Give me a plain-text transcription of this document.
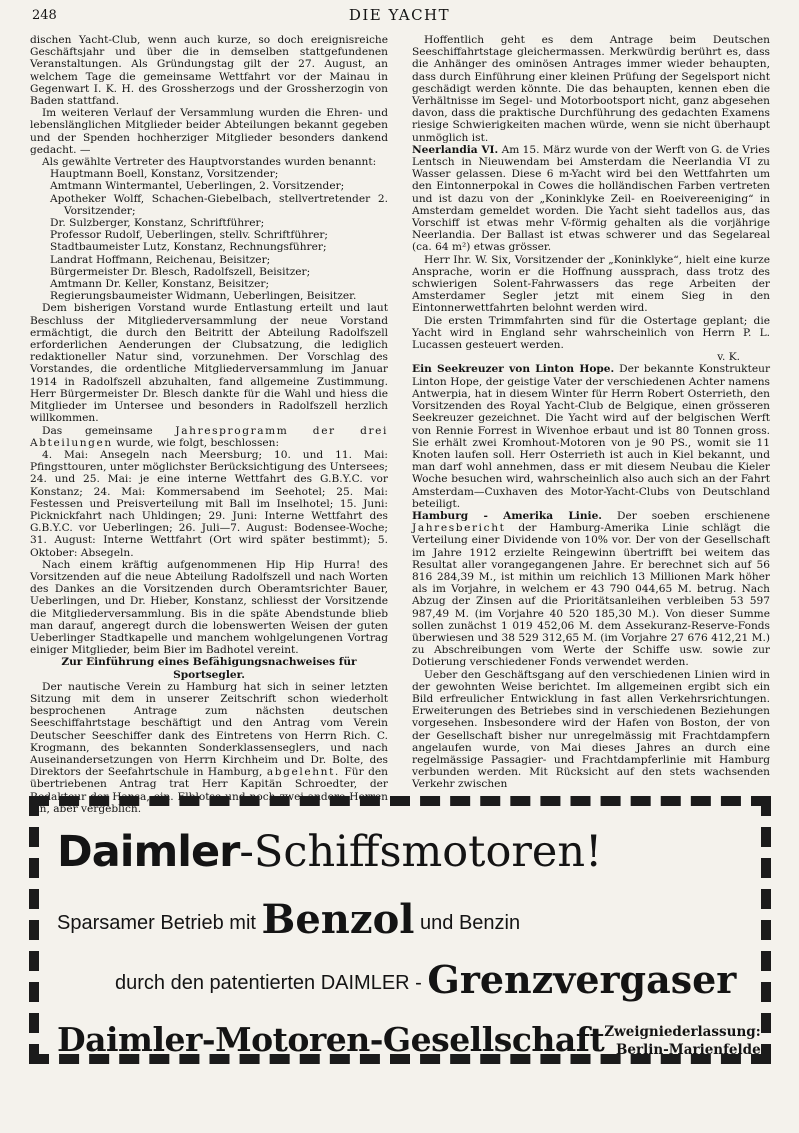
248	DIE YACHT

dischen Yacht-Club, wenn auch kurze, so doch ereignisreiche Geschäftsjahr und über die in demselben stattgefundenen Veranstaltungen. Als Gründungstag gilt der 27. August, an welchem Tage die gemeinsame Wettfahrt vor der Mainau in Gegenwart I. K. H. des Grossherzogs und der Grossherzogin von Baden stattfand.

Im weiteren Verlauf der Versammlung wurden die Ehren- und lebenslänglichen Mitglieder beider Abteilungen bekannt gegeben und der Spenden hochherziger Mitglieder besonders dankend gedacht. —

Als gewählte Vertreter des Hauptvorstandes wurden benannt:

Hauptmann Boell, Konstanz, Vorsitzender;
Amtmann Wintermantel, Ueberlingen, 2. Vorsitzender;
Apotheker Wolff, Schachen-Giebelbach, stellvertretender 2. Vorsitzender;
Dr. Sulzberger, Konstanz, Schriftführer;
Professor Rudolf, Ueberlingen, stellv. Schriftführer;
Stadtbaumeister Lutz, Konstanz, Rechnungsführer;
Landrat Hoffmann, Reichenau, Beisitzer;
Bürgermeister Dr. Blesch, Radolfszell, Beisitzer;
Amtmann Dr. Keller, Konstanz, Beisitzer;
Regierungsbaumeister Widmann, Ueberlingen, Beisitzer.

Dem bisherigen Vorstand wurde Entlastung erteilt und laut Beschluss der Mitgliederversammlung der neue Vorstand ermächtigt, die durch den Beitritt der Abteilung Radolfszell erforderlichen Aenderungen der Clubsatzung, die lediglich redaktioneller Natur sind, vorzunehmen. Der Vorschlag des Vorstandes, die ordentliche Mitgliederversammlung im Januar 1914 in Radolfszell abzuhalten, fand allgemeine Zustimmung. Herr Bürgermeister Dr. Blesch dankte für die Wahl und hiess die Mitglieder im Untersee und besonders in Radolfszell herzlich willkommen.

Das gemeinsame Jahresprogramm der drei Abteilungen wurde, wie folgt, beschlossen:

4. Mai: Ansegeln nach Meersburg; 10. und 11. Mai: Pfingsttouren, unter möglichster Berücksichtigung des Untersees; 24. und 25. Mai: je eine interne Wettfahrt des G.B.Y.C. vor Konstanz; 24. Mai: Kommersabend im Seehotel; 25. Mai: Festessen und Preisverteilung mit Ball im Inselhotel; 15. Juni: Picknickfahrt nach Uhldingen; 29. Juni: Interne Wettfahrt des G.B.Y.C. vor Ueberlingen; 26. Juli—7. August: Bodensee-Woche; 31. August: Interne Wettfahrt (Ort wird später bestimmt); 5. Oktober: Absegeln.

Nach einem kräftig aufgenommenen Hip Hip Hurra! des Vorsitzenden auf die neue Abteilung Radolfszell und nach Worten des Dankes an die Vorsitzenden durch Oberamtsrichter Bauer, Ueberlingen, und Dr. Hieber, Konstanz, schliesst der Vorsitzende die Mitgliederversammlung. Bis in die späte Abendstunde blieb man darauf, angeregt durch die lobenswerten Weisen der guten Ueberlinger Stadtkapelle und manchem wohlgelungenen Vortrag einiger Mitglieder, beim Bier im Badhotel vereint.

Zur Einführung eines Befähigungsnachweises für Sportsegler.

Der nautische Verein zu Hamburg hat sich in seiner letzten Sitzung mit dem in unserer Zeitschrift schon wiederholt besprochenen Antrage zum nächsten deutschen Seeschiffahrtstage beschäftigt und den Antrag vom Verein Deutscher Seeschiffer dank des Eintretens von Herrn Rich. C. Krogmann, des bekannten Sonderklassenseglers, und nach Auseinandersetzungen von Herrn Kirchheim und Dr. Bolte, des Direktors der Seefahrtschule in Hamburg, abgelehnt. Für den übertriebenen Antrag trat Herr Kapitän Schroedter, der Redakteur der Hansa, ein. Elblotse und noch zwei andere Herren ein, aber vergeblich.

Hoffentlich geht es dem Antrage beim Deutschen Seeschiffahrtstage gleichermassen. Merkwürdig berührt es, dass die Anhänger des ominösen Antrages immer wieder behaupten, dass durch Einführung einer kleinen Prüfung der Segelsport nicht geschädigt werden könnte. Die das behaupten, kennen eben die Verhältnisse im Segel- und Motorbootsport nicht, ganz abgesehen davon, dass die praktische Durchführung des gedachten Examens riesige Schwierigkeiten machen würde, wenn sie nicht überhaupt unmöglich ist.

Neerlandia VI. Am 15. März wurde von der Werft von G. de Vries Lentsch in Nieuwendam bei Amsterdam die Neerlandia VI zu Wasser gelassen. Diese 6 m-Yacht wird bei den Wettfahrten um den Eintonnerpokal in Cowes die holländischen Farben vertreten und ist dazu von der „Koninklyke Zeil- en Roeivereeniging“ in Amsterdam gemeldet worden. Die Yacht sieht tadellos aus, das Vorschiff ist etwas mehr V-förmig gehalten als die vorjährige Neerlandia. Der Ballast ist etwas schwerer und das Segelareal (ca. 64 m²) etwas grösser.

Herr Ihr. W. Six, Vorsitzender der „Koninklyke“, hielt eine kurze Ansprache, worin er die Hoffnung aussprach, dass trotz des schwierigen Solent-Fahrwassers das rege Arbeiten der Amsterdamer Segler jetzt mit einem Sieg in den Eintonnerwettfahrten belohnt werden wird.

Die ersten Trimmfahrten sind für die Ostertage geplant; die Yacht wird in England sehr wahrscheinlich von Herrn P. L. Lucassen gesteuert werden.

v. K.

Ein Seekreuzer von Linton Hope. Der bekannte Konstrukteur Linton Hope, der geistige Vater der verschiedenen Achter namens Antwerpia, hat in diesem Winter für Herrn Robert Osterrieth, den Vorsitzenden des Royal Yacht-Club de Belgique, einen grösseren Seekreuzer gezeichnet. Die Yacht wird auf der belgischen Werft von Rennie Forrest in Wivenhoe erbaut und ist 80 Tonnen gross. Sie erhält zwei Kromhout-Motoren von je 90 PS., womit sie 11 Knoten laufen soll. Herr Osterrieth ist auch in Kiel bekannt, und man darf wohl annehmen, dass er mit diesem Neubau die Kieler Woche besuchen wird, wahrscheinlich also auch sich an der Fahrt Amsterdam—Cuxhaven des Motor-Yacht-Clubs von Deutschland beteiligt.

Hamburg - Amerika Linie. Der soeben erschienene Jahresbericht der Hamburg-Amerika Linie schlägt die Verteilung einer Dividende von 10% vor. Der von der Gesellschaft im Jahre 1912 erzielte Reingewinn übertrifft bei weitem das Resultat aller vorangegangenen Jahre. Er berechnet sich auf 56 816 284,39 M., ist mithin um reichlich 13 Millionen Mark höher als im Vorjahre, in welchem er 43 790 044,65 M. betrug. Nach Abzug der Zinsen auf die Prioritätsanleihen verbleiben 53 597 987,49 M. (im Vorjahre 40 520 185,30 M.). Von dieser Summe sollen zunächst 1 019 452,06 M. dem Assekuranz-Reserve-Fonds überwiesen und 38 529 312,65 M. (im Vorjahre 27 676 412,21 M.) zu Abschreibungen vom Werte der Schiffe usw. sowie zur Dotierung verschiedener Fonds verwendet werden.

Ueber den Geschäftsgang auf den verschiedenen Linien wird in der gewohnten Weise berichtet. Im allgemeinen ergibt sich ein Bild erfreulicher Entwicklung in fast allen Verkehrsrichtungen. Erweiterungen des Betriebes sind in verschiedenen Beziehungen vorgesehen. Insbesondere wird der Hafen von Boston, der von der Gesellschaft bisher nur unregelmässig mit Frachtdampfern angelaufen wurde, von Mai dieses Jahres an durch eine regelmässige Passagier- und Frachtdampferlinie mit Hamburg verbunden werden. Mit Rücksicht auf den stets wachsenden Verkehr zwischen

Daimler-Schiffsmotoren!
Sparsamer Betrieb mit Benzol und Benzin
durch den patentierten DAIMLER - Grenzvergaser
Daimler-Motoren-Gesellschaft Zweigniederlassung:
Berlin-Marienfelde
